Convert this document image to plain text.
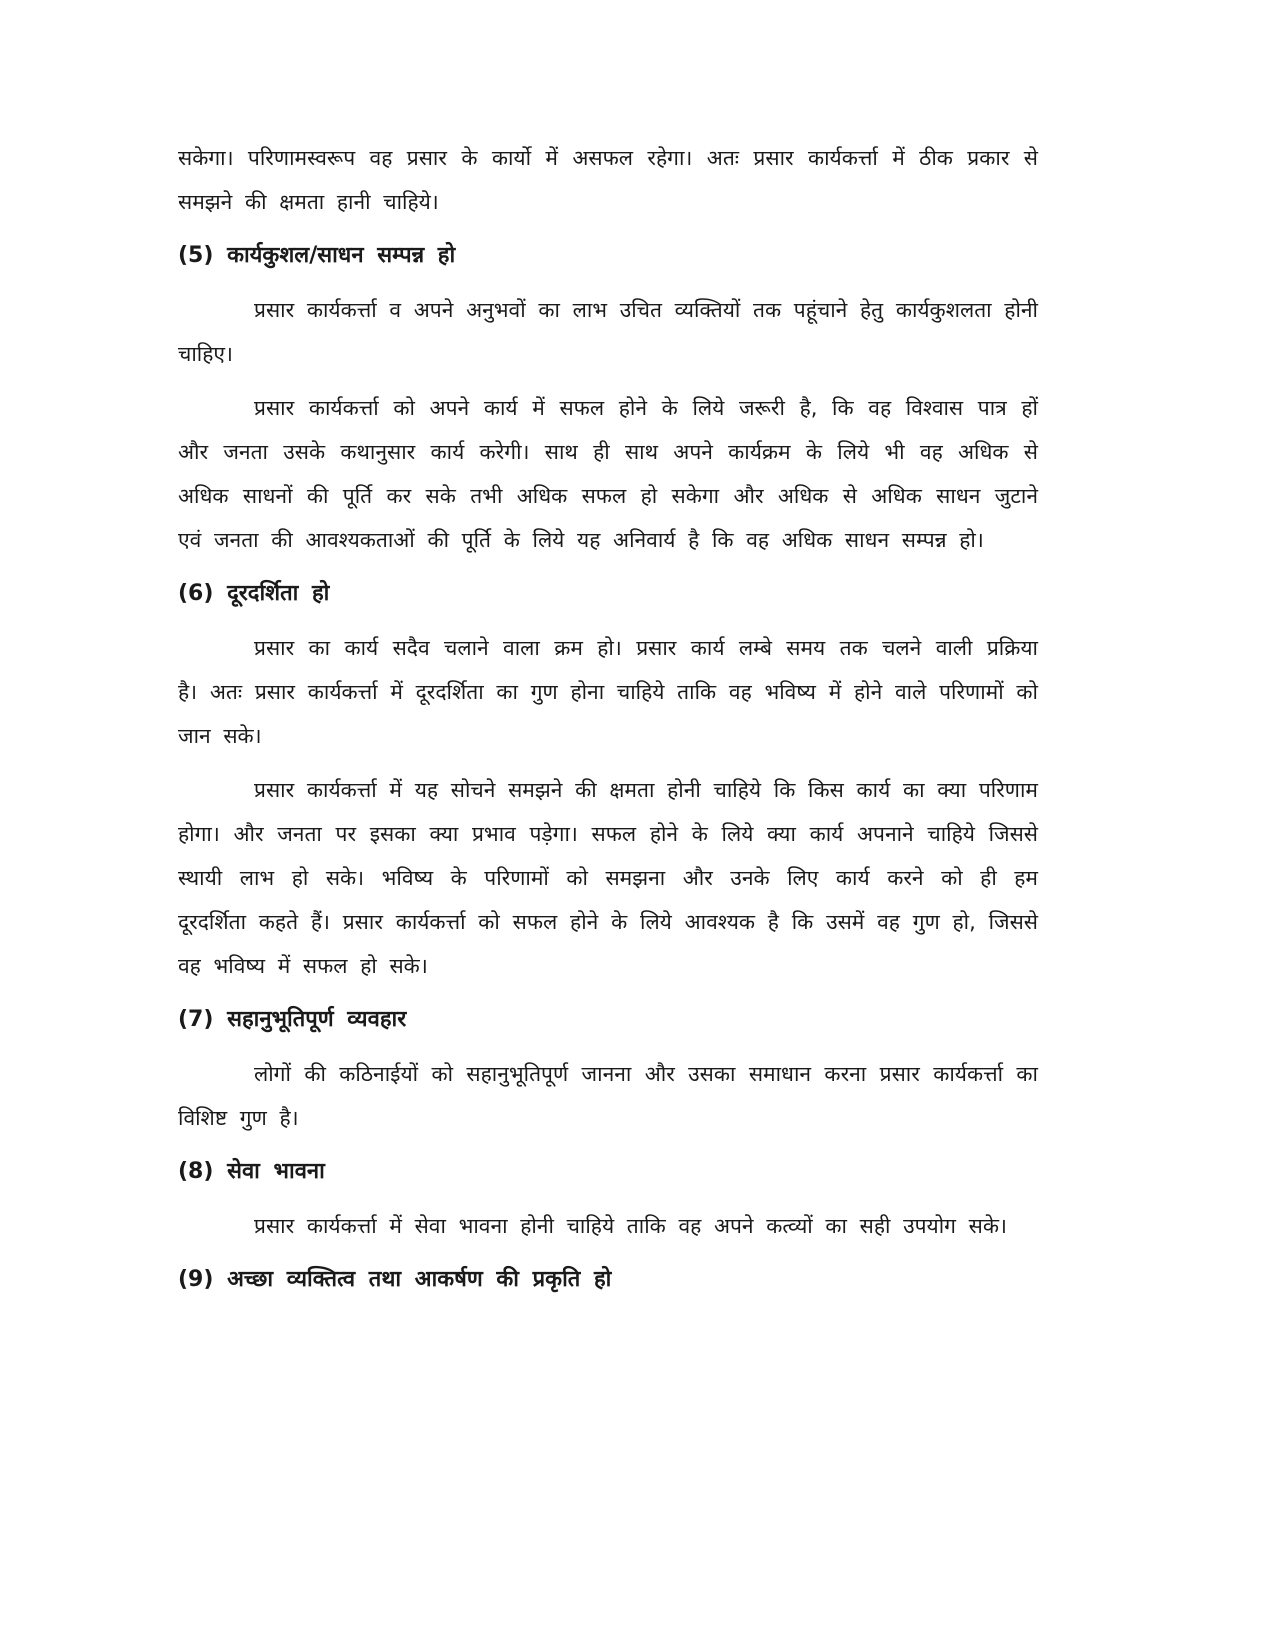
सकेगा। परिणामस्वरूप वह प्रसार के कार्यो में असफल रहेगा। अतः प्रसार कार्यकर्त्ता में ठीक प्रकार से समझने की क्षमता हानी चाहिये।

(5) कार्यकुशल/साधन सम्पन्न हो

प्रसार कार्यकर्त्ता व अपने अनुभवों का लाभ उचित व्यक्तियों तक पहूंचाने हेतु कार्यकुशलता होनी चाहिए।

प्रसार कार्यकर्त्ता को अपने कार्य में सफल होने के लिये जरूरी है, कि वह विश्वास पात्र हों और जनता उसके कथानुसार कार्य करेगी। साथ ही साथ अपने कार्यक्रम के लिये भी वह अधिक से अधिक साधनों की पूर्ति कर सके तभी अधिक सफल हो सकेगा और अधिक से अधिक साधन जुटाने एवं जनता की आवश्यकताओं की पूर्ति के लिये यह अनिवार्य है कि वह अधिक साधन सम्पन्न हो।

(6) दूरदर्शिता हो

प्रसार का कार्य सदैव चलाने वाला क्रम हो। प्रसार कार्य लम्बे समय तक चलने वाली प्रक्रिया है। अतः प्रसार कार्यकर्त्ता में दूरदर्शिता का गुण होना चाहिये ताकि वह भविष्य में होने वाले परिणामों को जान सके।

प्रसार कार्यकर्त्ता में यह सोचने समझने की क्षमता होनी चाहिये कि किस कार्य का क्या परिणाम होगा। और जनता पर इसका क्या प्रभाव पड़ेगा। सफल होने के लिये क्या कार्य अपनाने चाहिये जिससे स्थायी लाभ हो सके। भविष्य के परिणामों को समझना और उनके लिए कार्य करने को ही हम दूरदर्शिता कहते हैं। प्रसार कार्यकर्त्ता को सफल होने के लिये आवश्यक है कि उसमें वह गुण हो, जिससे वह भविष्य में सफल हो सके।

(7) सहानुभूतिपूर्ण व्यवहार

लोगों की कठिनाईयों को सहानुभूतिपूर्ण जानना और उसका समाधान करना प्रसार कार्यकर्त्ता का विशिष्ट गुण है।

(8) सेवा भावना

प्रसार कार्यकर्त्ता में सेवा भावना होनी चाहिये ताकि वह अपने कत्व्यों का सही उपयोग सके।

(9) अच्छा व्यक्तित्व तथा आकर्षण की प्रकृति हो
